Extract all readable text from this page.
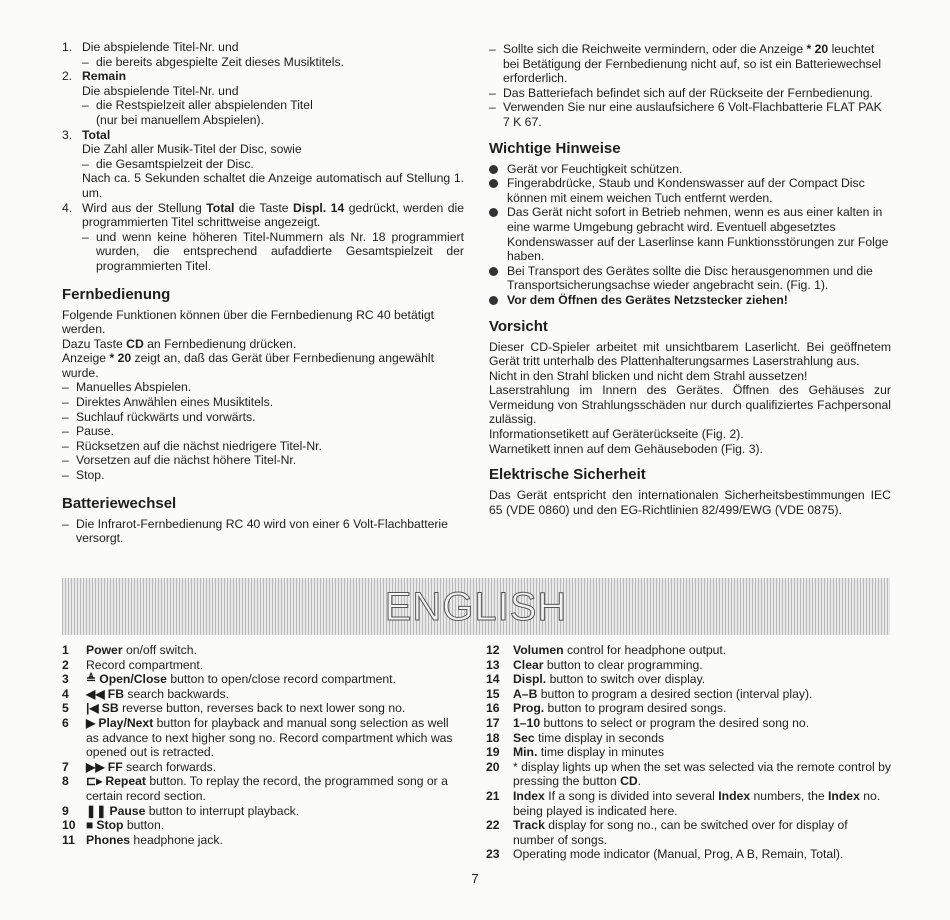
1. Die abspielende Titel-Nr. und
– die bereits abgespielte Zeit dieses Musiktitels.
2. Remain
Die abspielende Titel-Nr. und
– die Restspielzeit aller abspielenden Titel
(nur bei manuellem Abspielen).
3. Total
Die Zahl aller Musik-Titel der Disc, sowie
– die Gesamtspielzeit der Disc.
Nach ca. 5 Sekunden schaltet die Anzeige automatisch auf Stellung 1. um.
4. Wird aus der Stellung Total die Taste Displ. 14 gedrückt, werden die programmierten Titel schrittweise angezeigt.
– und wenn keine höheren Titel-Nummern als Nr. 18 programmiert wurden, die entsprechend aufaddierte Gesamtspielzeit der programmierten Titel.
Fernbedienung
Folgende Funktionen können über die Fernbedienung RC 40 betätigt werden.
Dazu Taste CD an Fernbedienung drücken.
Anzeige * 20 zeigt an, daß das Gerät über Fernbedienung angewählt wurde.
– Manuelles Abspielen.
– Direktes Anwählen eines Musiktitels.
– Suchlauf rückwärts und vorwärts.
– Pause.
– Rücksetzen auf die nächst niedrigere Titel-Nr.
– Vorsetzen auf die nächst höhere Titel-Nr.
– Stop.
Batteriewechsel
– Die Infrarot-Fernbedienung RC 40 wird von einer 6 Volt-Flachbatterie versorgt.
– Sollte sich die Reichweite vermindern, oder die Anzeige * 20 leuchtet bei Betätigung der Fernbedienung nicht auf, so ist ein Batteriewechsel erforderlich.
– Das Batteriefach befindet sich auf der Rückseite der Fernbedienung.
– Verwenden Sie nur eine auslaufsichere 6 Volt-Flachbatterie FLAT PAK 7 K 67.
Wichtige Hinweise
Gerät vor Feuchtigkeit schützen.
Fingerabdrücke, Staub und Kondenswasser auf der Compact Disc können mit einem weichen Tuch entfernt werden.
Das Gerät nicht sofort in Betrieb nehmen, wenn es aus einer kalten in eine warme Umgebung gebracht wird. Eventuell abgesetztes Kondenswasser auf der Laserlinse kann Funktionsstörungen zur Folge haben.
Bei Transport des Gerätes sollte die Disc herausgenommen und die Transportsicherungsachse wieder angebracht sein. (Fig. 1).
Vor dem Öffnen des Gerätes Netzstecker ziehen!
Vorsicht
Dieser CD-Spieler arbeitet mit unsichtbarem Laserlicht. Bei geöffnetem Gerät tritt unterhalb des Plattenhalterungsarmes Laserstrahlung aus.
Nicht in den Strahl blicken und nicht dem Strahl aussetzen!
Laserstrahlung im Innern des Gerätes. Öffnen des Gehäuses zur Vermeidung von Strahlungsschäden nur durch qualifiziertes Fachpersonal zulässig.
Informationsetikett auf Geräterückseite (Fig. 2).
Warnetikett innen auf dem Gehäuseboden (Fig. 3).
Elektrische Sicherheit
Das Gerät entspricht den internationalen Sicherheitsbestimmungen IEC 65 (VDE 0860) und den EG-Richtlinien 82/499/EWG (VDE 0875).
ENGLISH
1	Power on/off switch.
2	Record compartment.
3	≜ Open/Close button to open/close record compartment.
4	◀◀ FB search backwards.
5	|◀ SB reverse button, reverses back to next lower song no.
6	▶ Play/Next button for playback and manual song selection as well as advance to next higher song no. Record compartment which was opened out is retracted.
7	▶▶ FF search forwards.
8	⊏▸ Repeat button. To replay the record, the programmed song or a certain record section.
9	❚❚ Pause button to interrupt playback.
10 ■ Stop button.
11 Phones headphone jack.
12	Volumen control for headphone output.
13	Clear button to clear programming.
14	Displ. button to switch over display.
15	A–B button to program a desired section (interval play).
16	Prog. button to program desired songs.
17	1–10 buttons to select or program the desired song no.
18	Sec time display in seconds
19	Min. time display in minutes
20	* display lights up when the set was selected via the remote control by pressing the button CD.
21	Index If a song is divided into several Index numbers, the Index no. being played is indicated here.
22	Track display for song no., can be switched over for display of number of songs.
23	Operating mode indicator (Manual, Prog, A B, Remain, Total).
7
